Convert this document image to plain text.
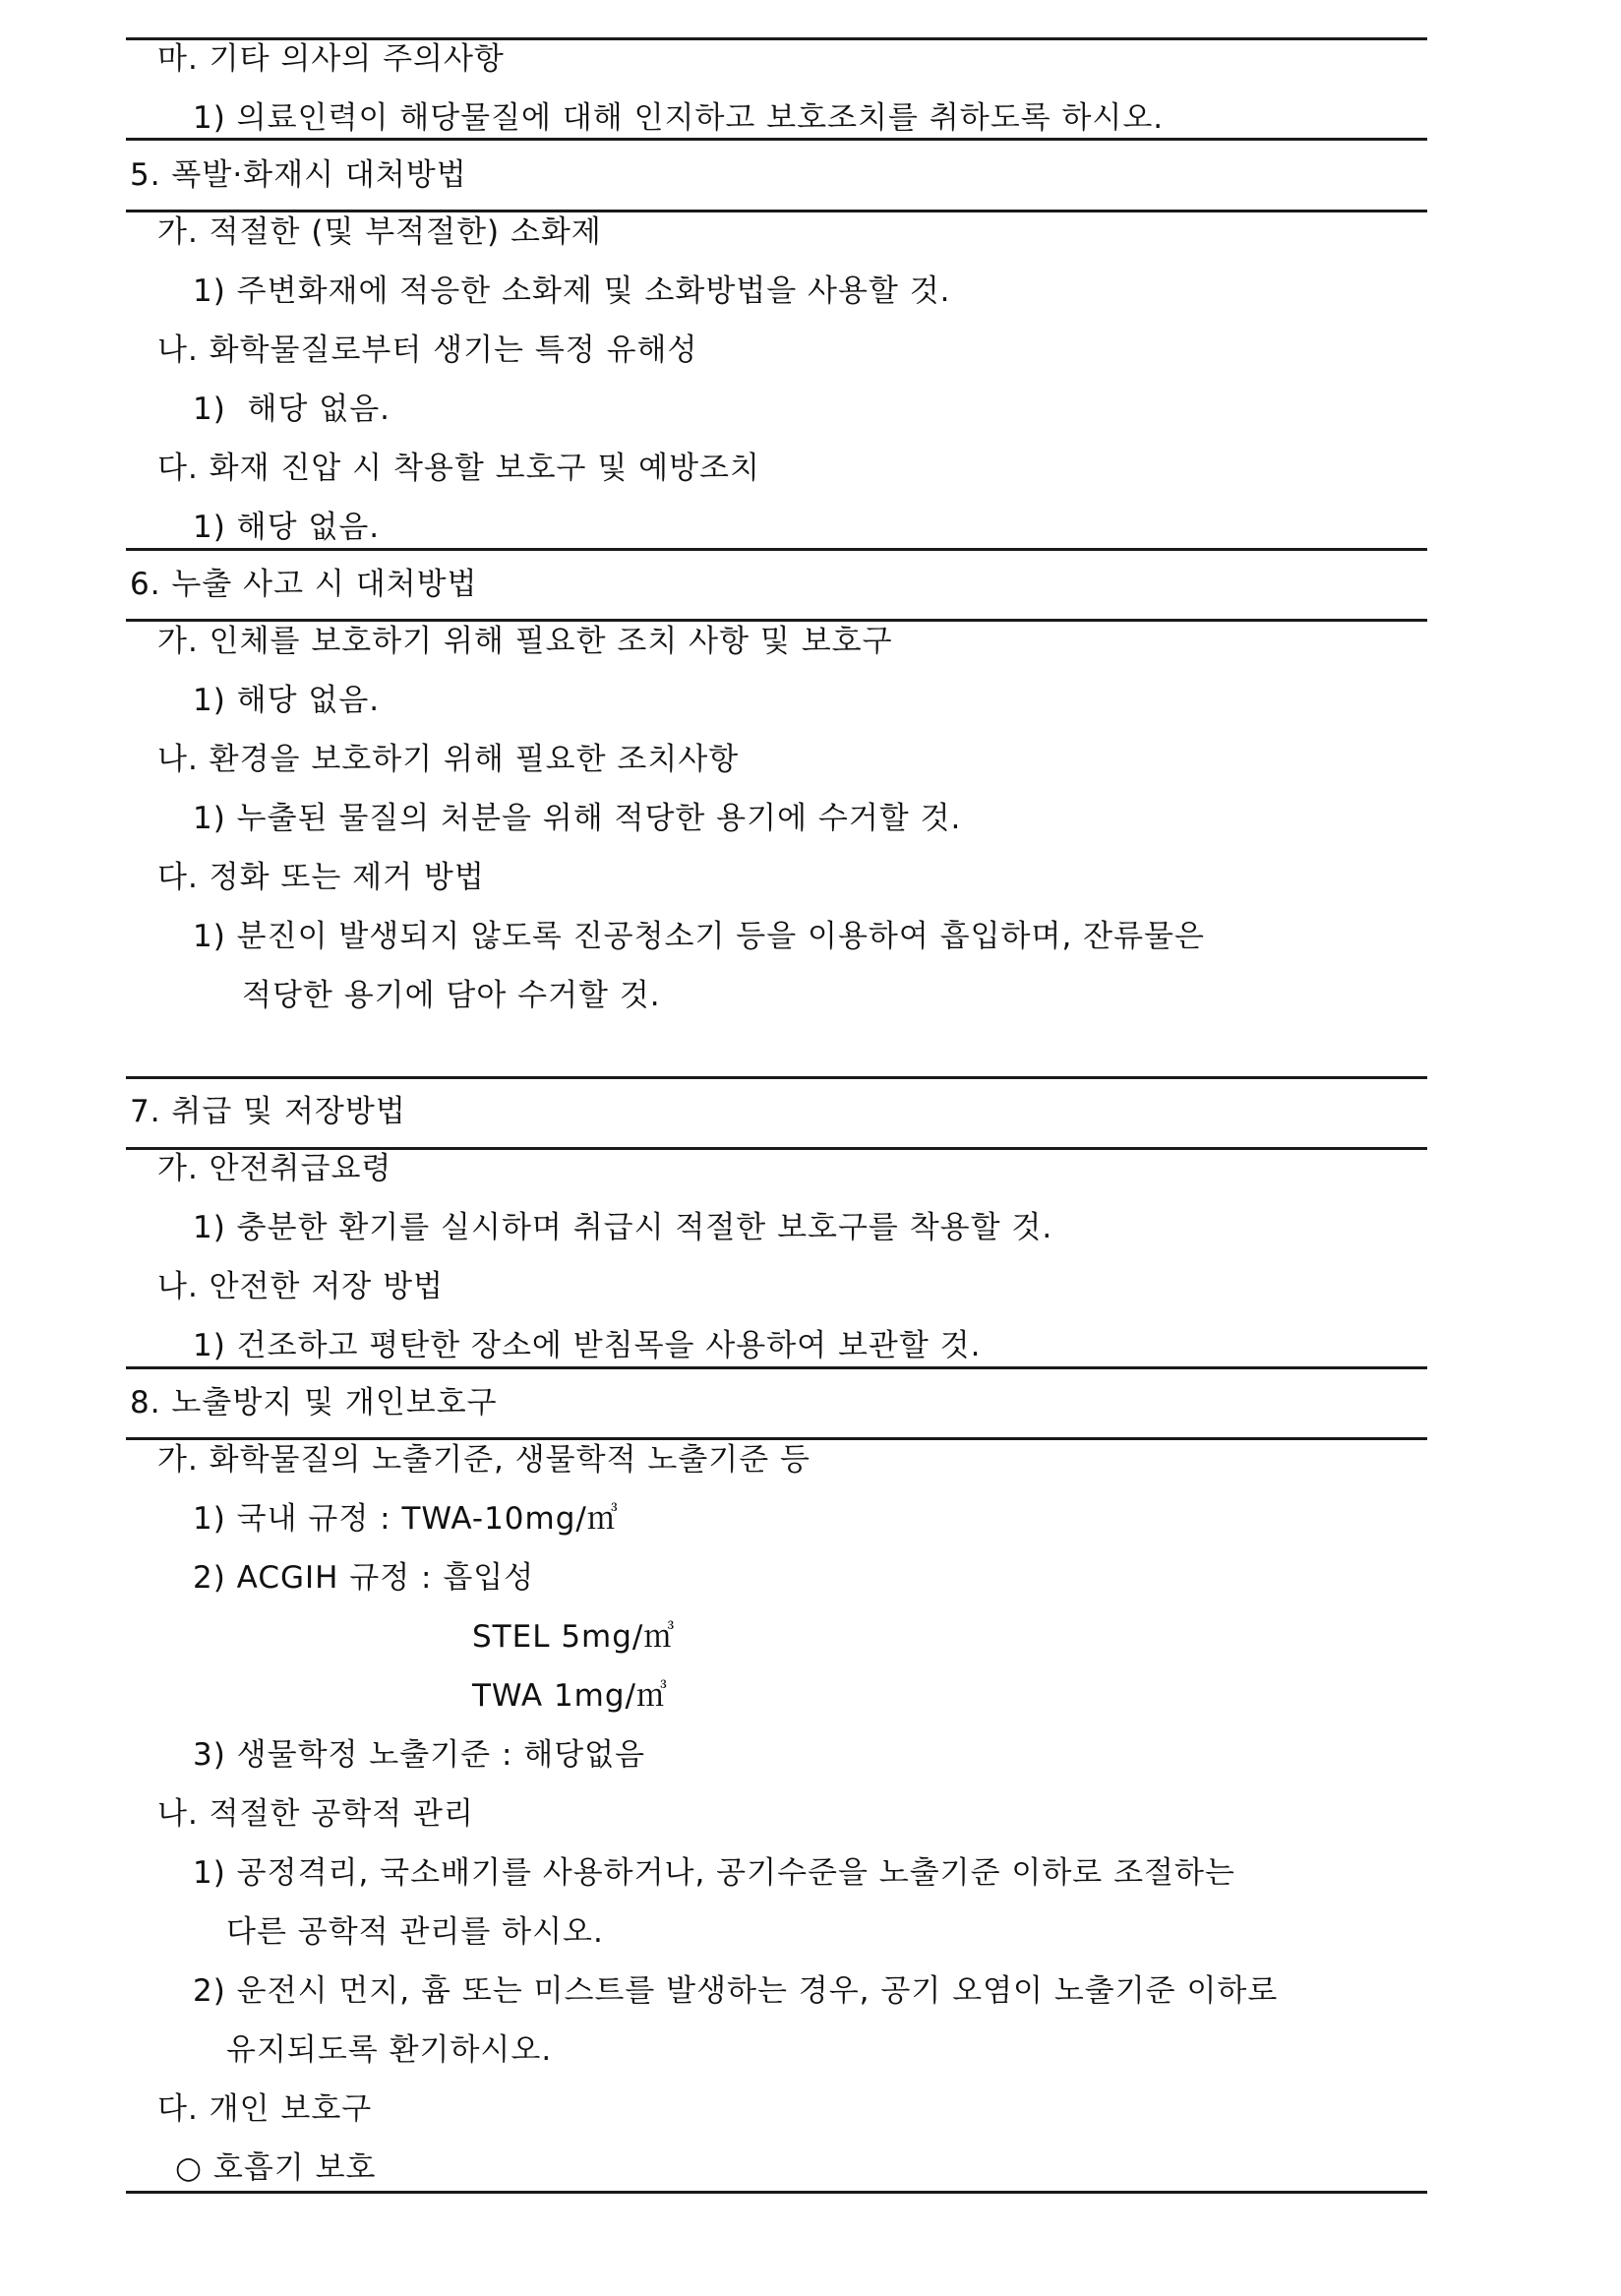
마. 기타 의사의 주의사항
1) 의료인력이 해당물질에 대해 인지하고 보호조치를 취하도록 하시오.
5. 폭발·화재시 대처방법
가. 적절한 (및 부적절한) 소화제
1) 주변화재에 적응한 소화제 및 소화방법을 사용할 것.
나. 화학물질로부터 생기는 특정 유해성
1)  해당 없음.
다. 화재 진압 시 착용할 보호구 및 예방조치
1) 해당 없음.
6. 누출 사고 시 대처방법
가. 인체를 보호하기 위해 필요한 조치 사항 및 보호구
1) 해당 없음.
나. 환경을 보호하기 위해 필요한 조치사항
1) 누출된 물질의 처분을 위해 적당한 용기에 수거할 것.
다. 정화 또는 제거 방법
1) 분진이 발생되지 않도록 진공청소기 등을 이용하여 흡입하며, 잔류물은
적당한 용기에 담아 수거할 것.
7. 취급 및 저장방법
가. 안전취급요령
1) 충분한 환기를 실시하며 취급시 적절한 보호구를 착용할 것.
나. 안전한 저장 방법
1) 건조하고 평탄한 장소에 받침목을 사용하여 보관할 것.
8. 노출방지 및 개인보호구
가. 화학물질의 노출기준, 생물학적 노출기준 등
1) 국내 규정 : TWA-10mg/㎥
2) ACGIH 규정 : 흡입성
STEL 5mg/㎥
TWA 1mg/㎥
3) 생물학정 노출기준 : 해당없음
나. 적절한 공학적 관리
1) 공정격리, 국소배기를 사용하거나, 공기수준을 노출기준 이하로 조절하는
다른 공학적 관리를 하시오.
2) 운전시 먼지, 흄 또는 미스트를 발생하는 경우, 공기 오염이 노출기준 이하로
유지되도록 환기하시오.
다. 개인 보호구
○ 호흡기 보호
